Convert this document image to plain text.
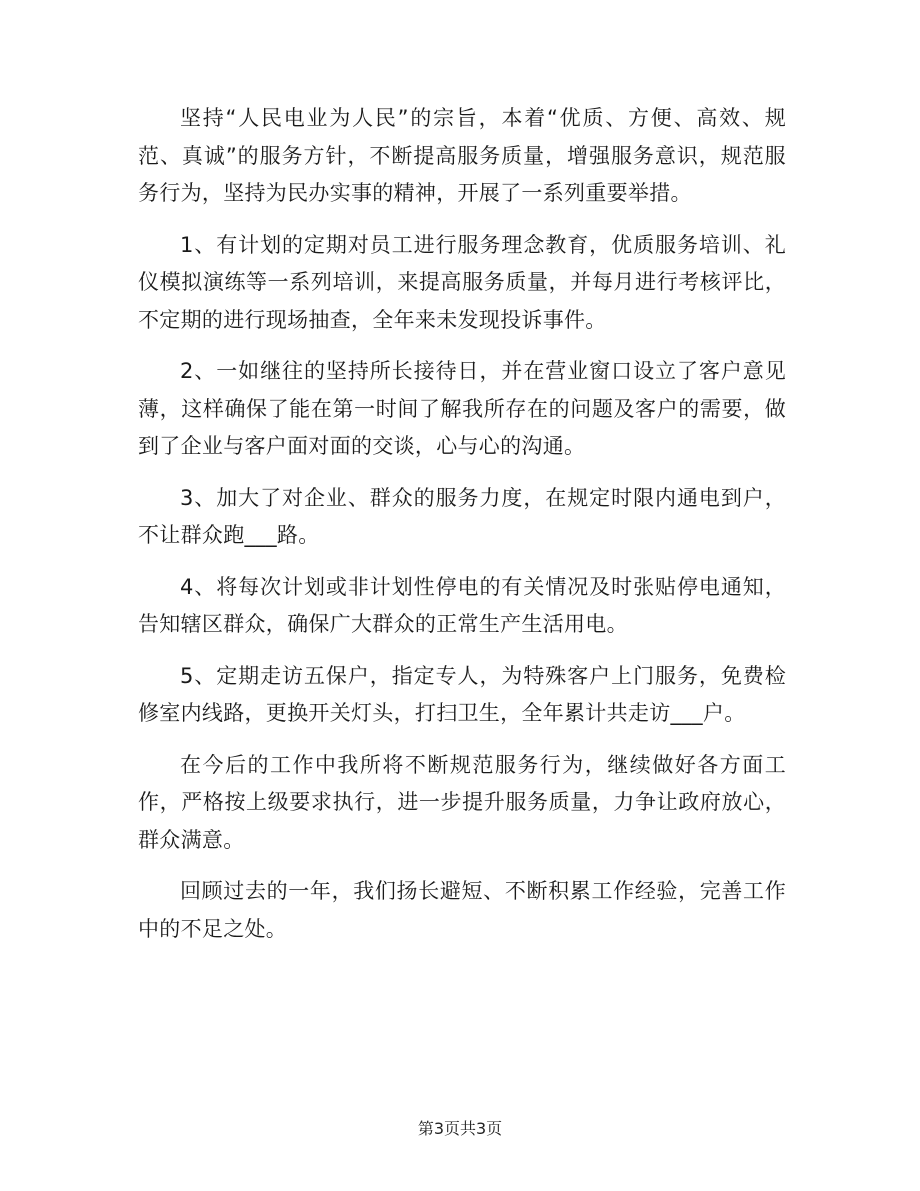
坚持“人民电业为人民”的宗旨，本着“优质、方便、高效、规范、真诚”的服务方针，不断提高服务质量，增强服务意识，规范服务行为，坚持为民办实事的精神，开展了一系列重要举措。

1、有计划的定期对员工进行服务理念教育，优质服务培训、礼仪模拟演练等一系列培训，来提高服务质量，并每月进行考核评比，不定期的进行现场抽查，全年来未发现投诉事件。

2、一如继往的坚持所长接待日，并在营业窗口设立了客户意见薄，这样确保了能在第一时间了解我所存在的问题及客户的需要，做到了企业与客户面对面的交谈，心与心的沟通。

3、加大了对企业、群众的服务力度，在规定时限内通电到户，不让群众跑___路。

4、将每次计划或非计划性停电的有关情况及时张贴停电通知，告知辖区群众，确保广大群众的正常生产生活用电。

5、定期走访五保户，指定专人，为特殊客户上门服务，免费检修室内线路，更换开关灯头，打扫卫生，全年累计共走访___户。

在今后的工作中我所将不断规范服务行为，继续做好各方面工作，严格按上级要求执行，进一步提升服务质量，力争让政府放心，群众满意。

回顾过去的一年，我们扬长避短、不断积累工作经验，完善工作中的不足之处。

第3页共3页
